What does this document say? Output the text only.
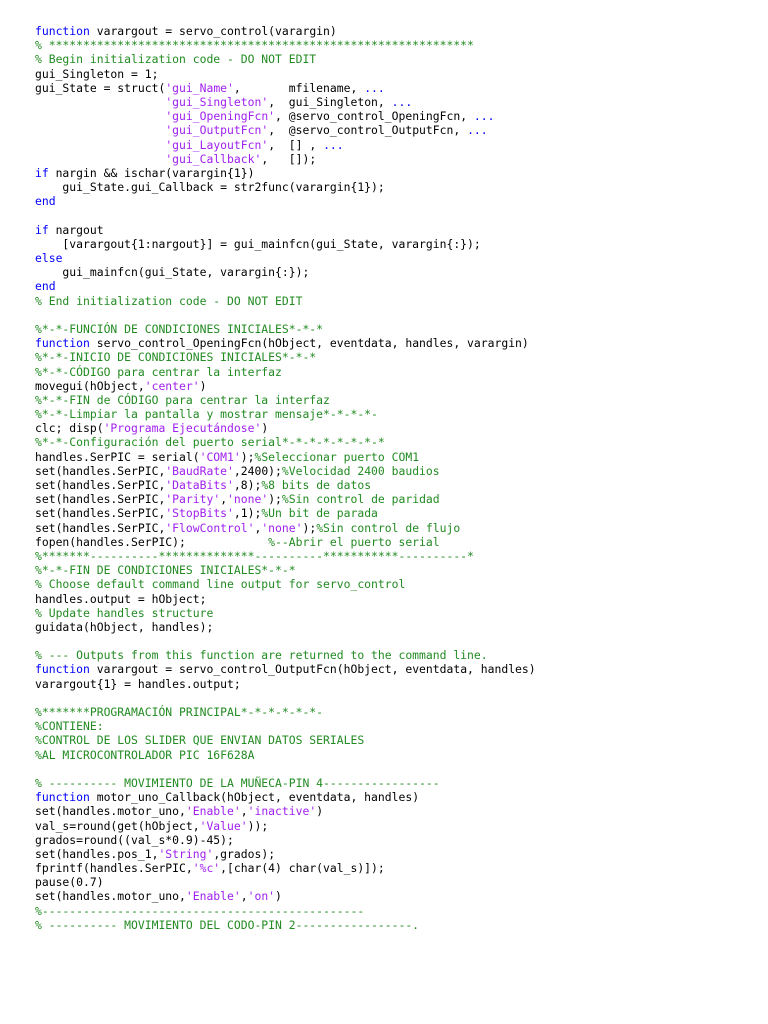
function varargout = servo_control(varargin)
% **************************************************************
% Begin initialization code - DO NOT EDIT
gui_Singleton = 1;
gui_State = struct('gui_Name',       mfilename, ...
'gui_Singleton',  gui_Singleton, ...
'gui_OpeningFcn', @servo_control_OpeningFcn, ...
'gui_OutputFcn',  @servo_control_OutputFcn, ...
'gui_LayoutFcn',  [] , ...
'gui_Callback',   []);
if nargin && ischar(varargin{1})
gui_State.gui_Callback = str2func(varargin{1});
end

if nargout
[varargout{1:nargout}] = gui_mainfcn(gui_State, varargin{:});
else
gui_mainfcn(gui_State, varargin{:});
end
% End initialization code - DO NOT EDIT

%*-*-FUNCIÓN DE CONDICIONES INICIALES*-*-*
function servo_control_OpeningFcn(hObject, eventdata, handles, varargin)
%*-*-INICIO DE CONDICIONES INICIALES*-*-*
%*-*-CÓDIGO para centrar la interfaz
movegui(hObject,'center')
%*-*-FIN de CÓDIGO para centrar la interfaz
%*-*-Limpiar la pantalla y mostrar mensaje*-*-*-*-
clc; disp('Programa Ejecutándose')
%*-*-Configuración del puerto serial*-*-*-*-*-*-*-*
handles.SerPIC = serial('COM1');%Seleccionar puerto COM1
set(handles.SerPIC,'BaudRate',2400);%Velocidad 2400 baudios
set(handles.SerPIC,'DataBits',8);%8 bits de datos
set(handles.SerPIC,'Parity','none');%Sin control de paridad
set(handles.SerPIC,'StopBits',1);%Un bit de parada
set(handles.SerPIC,'FlowControl','none');%Sin control de flujo
fopen(handles.SerPIC);            %--Abrir el puerto serial
%*******----------**************----------***********----------*
%*-*-FIN DE CONDICIONES INICIALES*-*-*
% Choose default command line output for servo_control
handles.output = hObject;
% Update handles structure
guidata(hObject, handles);

% --- Outputs from this function are returned to the command line.
function varargout = servo_control_OutputFcn(hObject, eventdata, handles)
varargout{1} = handles.output;

%*******PROGRAMACIÓN PRINCIPAL*-*-*-*-*-*-
%CONTIENE:
%CONTROL DE LOS SLIDER QUE ENVIAN DATOS SERIALES
%AL MICROCONTROLADOR PIC 16F628A

% ---------- MOVIMIENTO DE LA MUÑECA-PIN 4-----------------
function motor_uno_Callback(hObject, eventdata, handles)
set(handles.motor_uno,'Enable','inactive')
val_s=round(get(hObject,'Value'));
grados=round((val_s*0.9)-45);
set(handles.pos_1,'String',grados);
fprintf(handles.SerPIC,'%c',[char(4) char(val_s)]);
pause(0.7)
set(handles.motor_uno,'Enable','on')
%-----------------------------------------------
% ---------- MOVIMIENTO DEL CODO-PIN 2-----------------.
